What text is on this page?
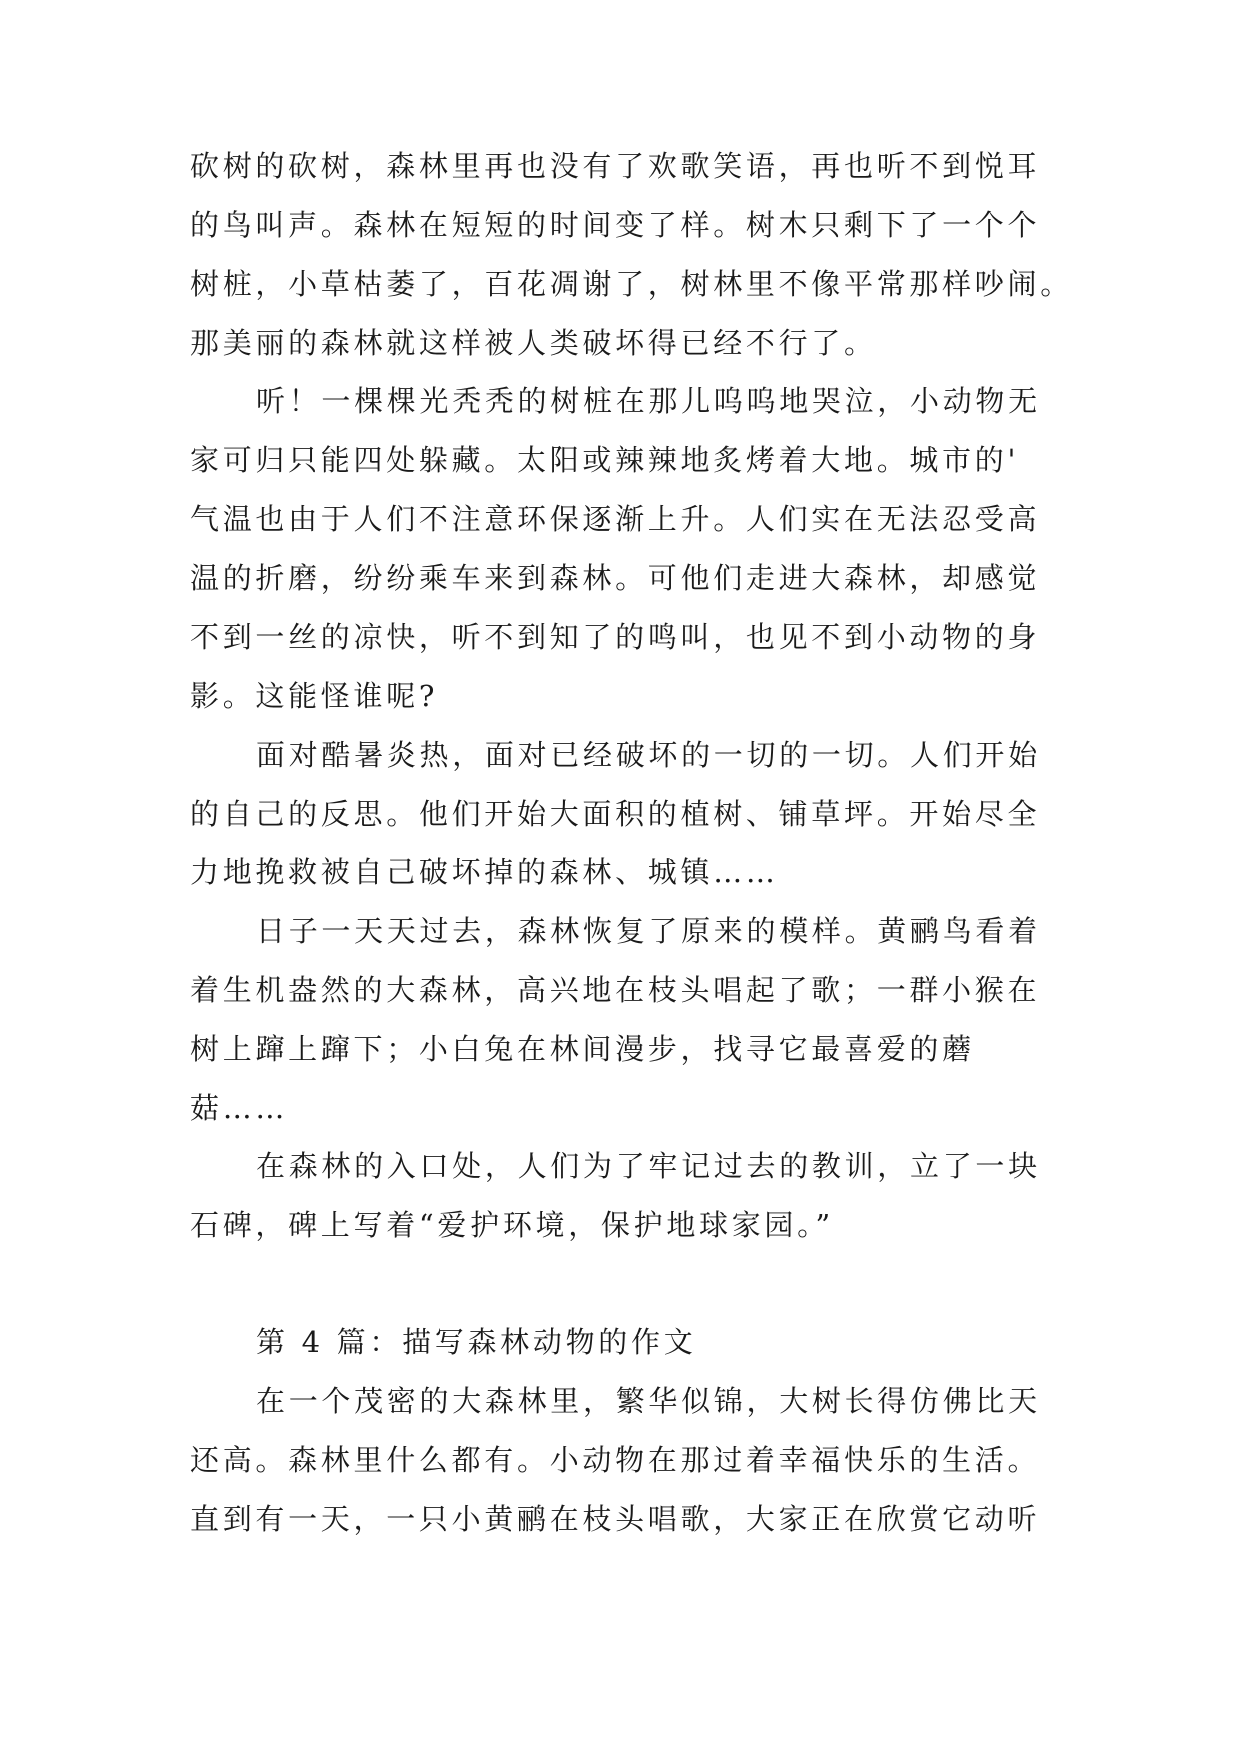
砍树的砍树，森林里再也没有了欢歌笑语，再也听不到悦耳
的鸟叫声。森林在短短的时间变了样。树木只剩下了一个个
树桩，小草枯萎了，百花凋谢了，树林里不像平常那样吵闹。
那美丽的森林就这样被人类破坏得已经不行了。
听！一棵棵光秃秃的树桩在那儿呜呜地哭泣，小动物无
家可归只能四处躲藏。太阳或辣辣地炙烤着大地。城市的'
气温也由于人们不注意环保逐渐上升。人们实在无法忍受高
温的折磨，纷纷乘车来到森林。可他们走进大森林，却感觉
不到一丝的凉快，听不到知了的鸣叫，也见不到小动物的身
影。这能怪谁呢?
面对酷暑炎热，面对已经破坏的一切的一切。人们开始
的自己的反思。他们开始大面积的植树、铺草坪。开始尽全
力地挽救被自己破坏掉的森林、城镇……
日子一天天过去，森林恢复了原来的模样。黄鹂鸟看着
着生机盎然的大森林，高兴地在枝头唱起了歌；一群小猴在
树上蹿上蹿下；小白兔在林间漫步，找寻它最喜爱的蘑
菇……
在森林的入口处，人们为了牢记过去的教训，立了一块
石碑，碑上写着“爱护环境，保护地球家园。”
第 4 篇：描写森林动物的作文
在一个茂密的大森林里，繁华似锦，大树长得仿佛比天
还高。森林里什么都有。小动物在那过着幸福快乐的生活。
直到有一天，一只小黄鹂在枝头唱歌，大家正在欣赏它动听
